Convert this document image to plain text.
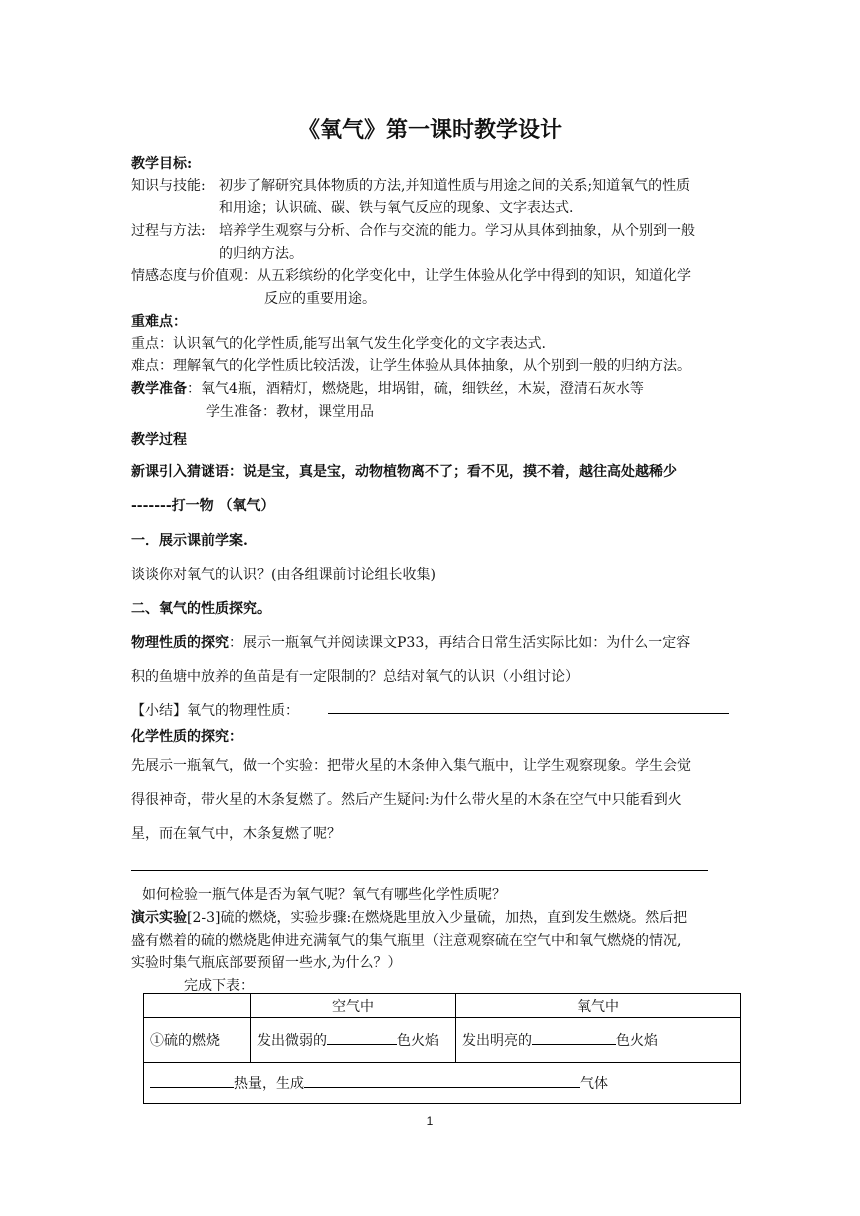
《氧气》第一课时教学设计
教学目标:
知识与技能: 初步了解研究具体物质的方法,并知道性质与用途之间的关系;知道氧气的性质
和用途；认识硫、碳、铁与氧气反应的现象、文字表达式.
过程与方法: 培养学生观察与分析、合作与交流的能力。学习从具体到抽象，从个别到一般
的归纳方法。
情感态度与价值观：从五彩缤纷的化学变化中，让学生体验从化学中得到的知识，知道化学
反应的重要用途。
重难点：
重点：认识氧气的化学性质,能写出氧气发生化学变化的文字表达式.
难点：理解氧气的化学性质比较活泼，让学生体验从具体抽象，从个别到一般的归纳方法。
教学准备：氧气4瓶，酒精灯，燃烧匙，坩埚钳，硫，细铁丝，木炭，澄清石灰水等
学生准备：教材，课堂用品
教学过程
新课引入猜谜语：说是宝，真是宝，动物植物离不了；看不见，摸不着，越往高处越稀少
-------打一物 （氧气）
一．展示课前学案.
谈谈你对氧气的认识？(由各组课前讨论组长收集)
二、氧气的性质探究。
物理性质的探究：展示一瓶氧气并阅读课文P33，再结合日常生活实际比如：为什么一定容
积的鱼塘中放养的鱼苗是有一定限制的？总结对氧气的认识（小组讨论）
【小结】氧气的物理性质：
化学性质的探究：
先展示一瓶氧气，做一个实验：把带火星的木条伸入集气瓶中，让学生观察现象。学生会觉
得很神奇，带火星的木条复燃了。然后产生疑问:为什么带火星的木条在空气中只能看到火
星，而在氧气中，木条复燃了呢？
如何检验一瓶气体是否为氧气呢？氧气有哪些化学性质呢？
演示实验[2-3]硫的燃烧，实验步骤:在燃烧匙里放入少量硫，加热，直到发生燃烧。然后把
盛有燃着的硫的燃烧匙伸进充满氧气的集气瓶里（注意观察硫在空气中和氧气燃烧的情况,
实验时集气瓶底部要预留一些水,为什么？）
完成下表：
	空气中	氧气中
①硫的燃烧	发出微弱的 色火焰	发出明亮的 色火焰
热量，生成 气体		
1
